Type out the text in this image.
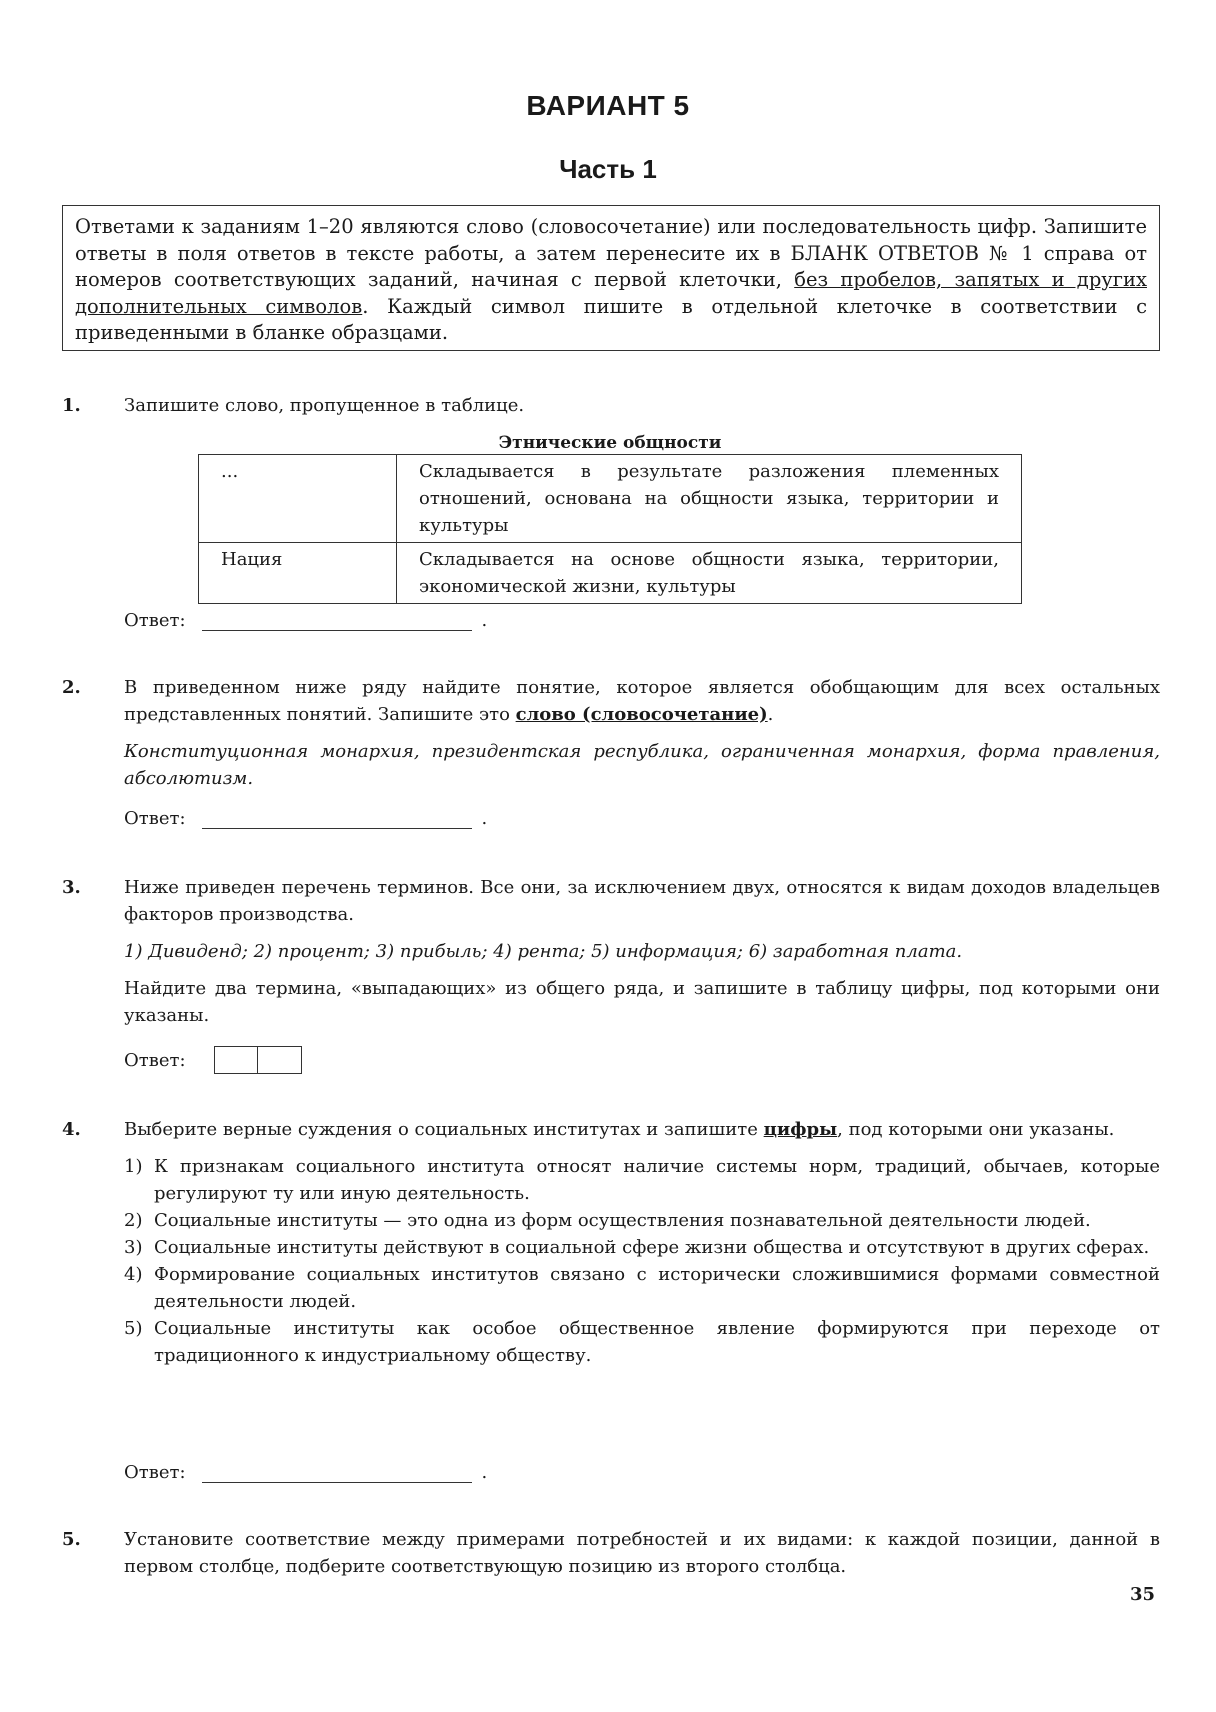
ВАРИАНТ 5
Часть 1
Ответами к заданиям 1–20 являются слово (словосочетание) или последовательность цифр. Запишите ответы в поля ответов в тексте работы, а затем перенесите их в БЛАНК ОТВЕТОВ № 1 справа от номеров соответствующих заданий, начиная с первой клеточки, без пробелов, запятых и других дополнительных символов. Каждый символ пишите в отдельной клеточке в соответствии с приведенными в бланке образцами.
1. Запишите слово, пропущенное в таблице.
Этнические общности
...	Складывается в результате разложения племенных отношений, основана на общности языка, территории и культуры
Нация	Складывается на основе общности языка, территории, экономической жизни, культуры
Ответ:	.
2. В приведенном ниже ряду найдите понятие, которое является обобщающим для всех остальных представленных понятий. Запишите это слово (словосочетание).
Конституционная монархия, президентская республика, ограниченная монархия, форма правления, абсолютизм.
Ответ:	.
3. Ниже приведен перечень терминов. Все они, за исключением двух, относятся к видам доходов владельцев факторов производства.
1) Дивиденд; 2) процент; 3) прибыль; 4) рента; 5) информация; 6) заработная плата.
Найдите два термина, «выпадающих» из общего ряда, и запишите в таблицу цифры, под которыми они указаны.
Ответ:
4. Выберите верные суждения о социальных институтах и запишите цифры, под которыми они указаны.
1) К признакам социального института относят наличие системы норм, традиций, обычаев, которые регулируют ту или иную деятельность.
2) Социальные институты — это одна из форм осуществления познавательной деятельности людей.
3) Социальные институты действуют в социальной сфере жизни общества и отсутствуют в других сферах.
4) Формирование социальных институтов связано с исторически сложившимися формами совместной деятельности людей.
5) Социальные институты как особое общественное явление формируются при переходе от традиционного к индустриальному обществу.
Ответ:	.
5. Установите соответствие между примерами потребностей и их видами: к каждой позиции, данной в первом столбце, подберите соответствующую позицию из второго столбца.
35
